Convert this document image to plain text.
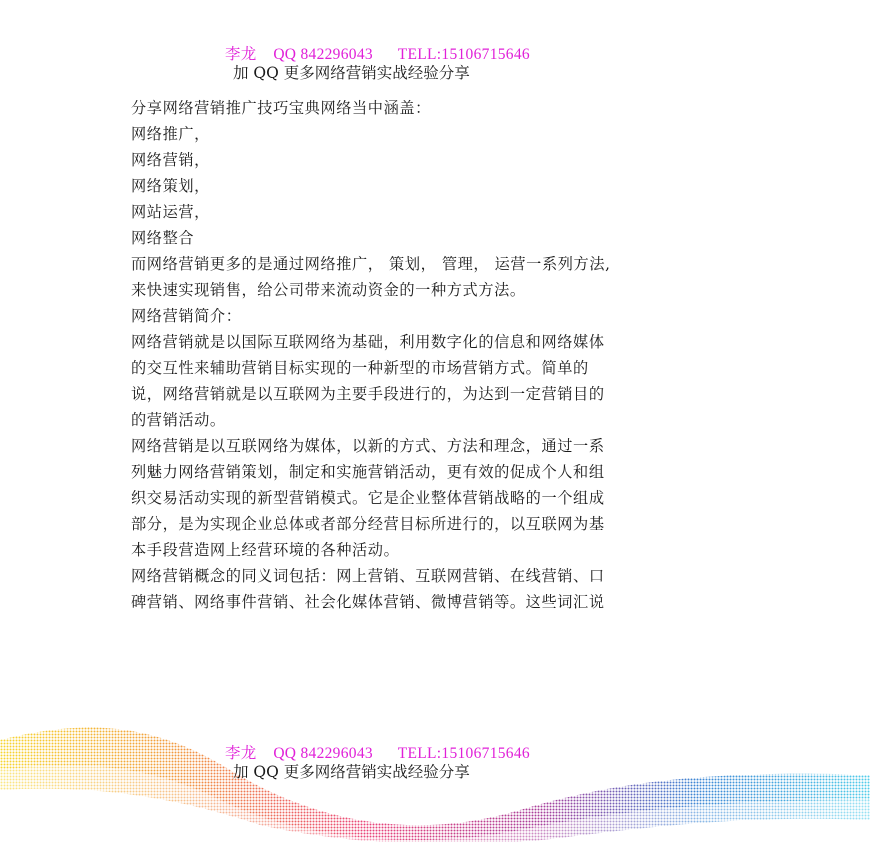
李龙 QQ 842296043 TELL:15106715646
加 QQ 更多网络营销实战经验分享

分享网络营销推广技巧宝典网络当中涵盖：

网络推广，

网络营销，

网络策划，

网站运营，

网络整合

而网络营销更多的是通过网络推广， 策划， 管理， 运营一系列方法,

来快速实现销售，给公司带来流动资金的一种方式方法。

网络营销简介：

网络营销就是以国际互联网络为基础，利用数字化的信息和网络媒体

的交互性来辅助营销目标实现的一种新型的市场营销方式。简单的

说，网络营销就是以互联网为主要手段进行的，为达到一定营销目的

的营销活动。

网络营销是以互联网络为媒体，以新的方式、方法和理念，通过一系

列魅力网络营销策划，制定和实施营销活动，更有效的促成个人和组

织交易活动实现的新型营销模式。它是企业整体营销战略的一个组成

部分，是为实现企业总体或者部分经营目标所进行的，以互联网为基

本手段营造网上经营环境的各种活动。

网络营销概念的同义词包括：网上营销、互联网营销、在线营销、口

碑营销、网络事件营销、社会化媒体营销、微博营销等。这些词汇说

李龙 QQ 842296043 TELL:15106715646
加 QQ 更多网络营销实战经验分享
